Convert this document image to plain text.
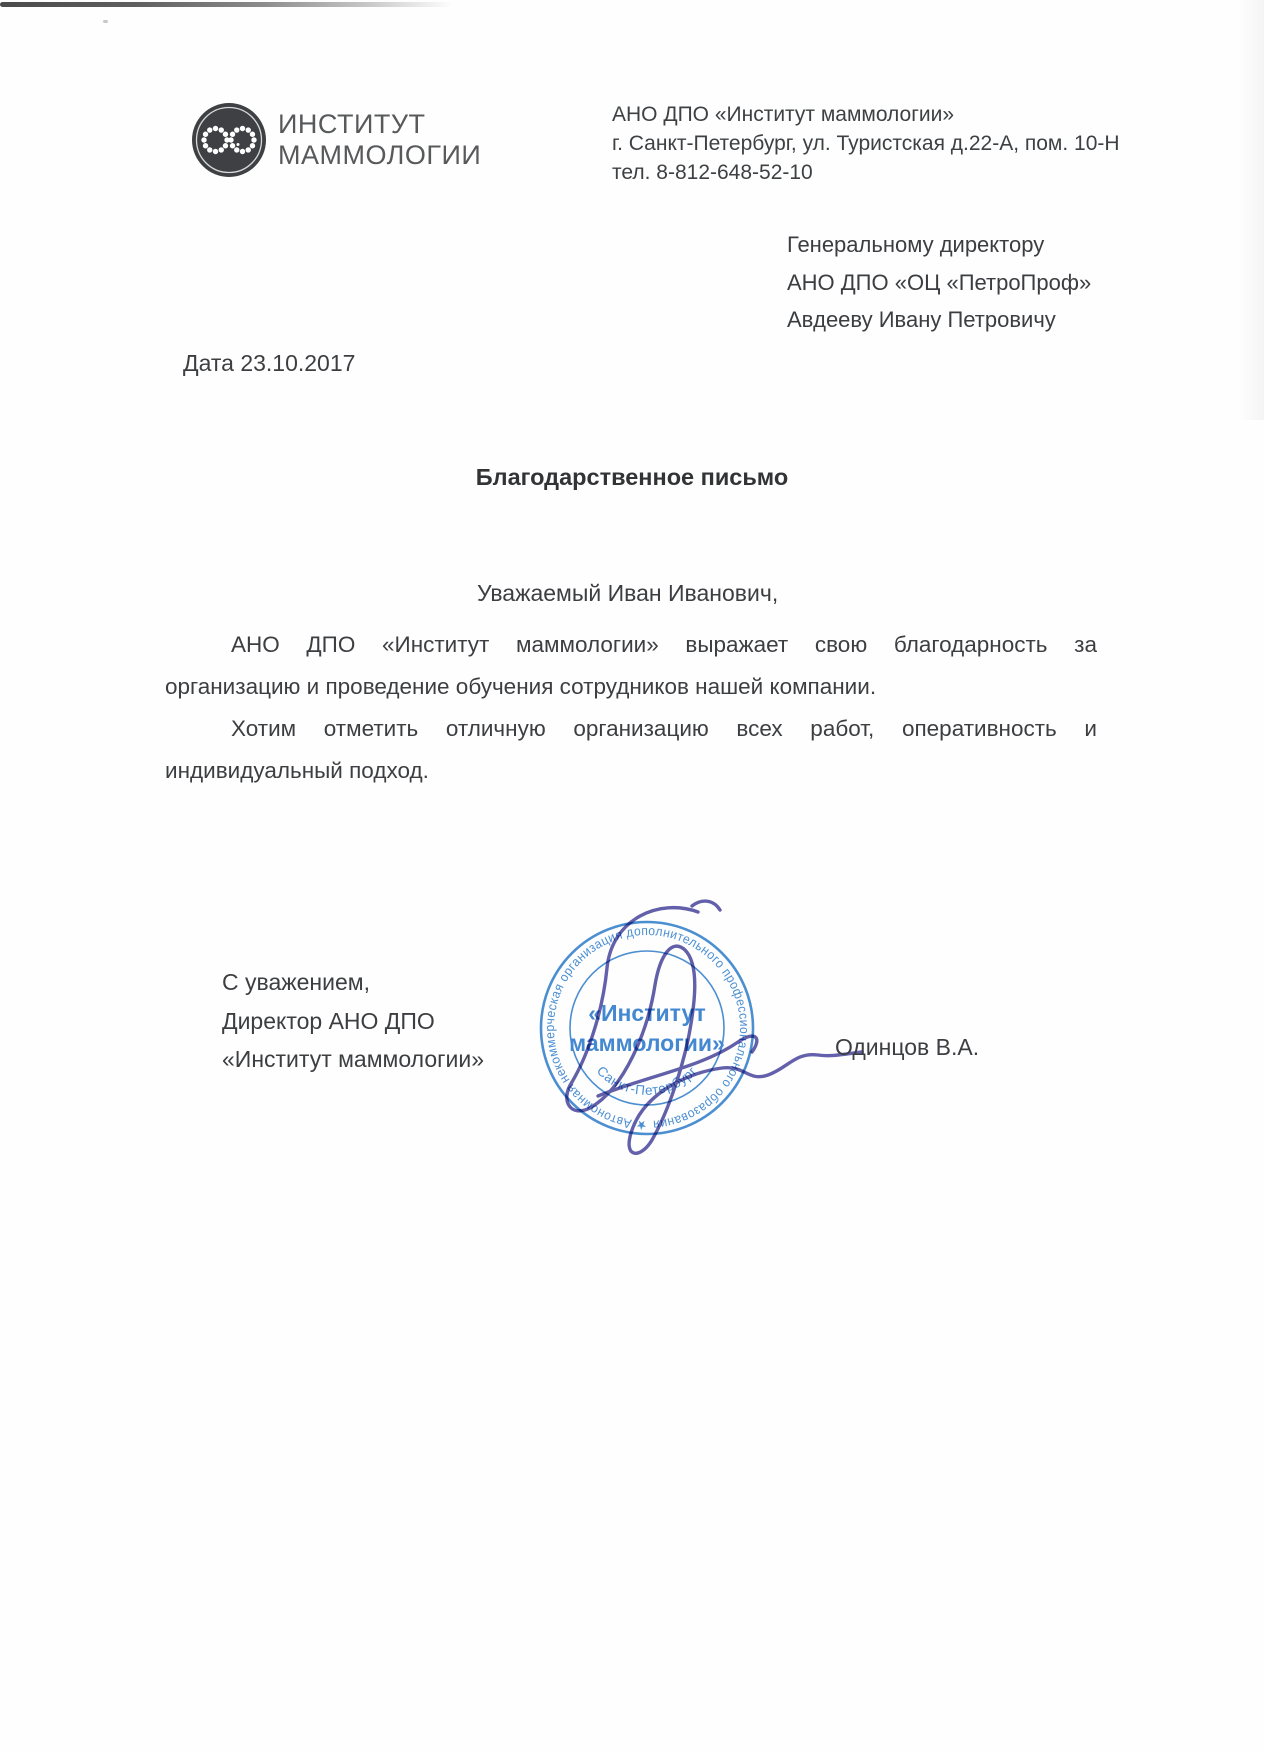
ИНСТИТУТ
МАММОЛОГИИ
АНО ДПО «Институт маммологии»
г. Санкт-Петербург, ул. Туристская д.22-А, пом. 10-Н
тел. 8-812-648-52-10
Генеральному директору
АНО ДПО «ОЦ «ПетроПроф»
Авдееву Ивану Петровичу
Дата 23.10.2017
Благодарственное письмо
Уважаемый Иван Иванович,
АНО ДПО «Институт маммологии» выражает свою благодарность за
организацию и проведение обучения сотрудников нашей компании.
Хотим отметить отличную организацию всех работ, оперативность и
индивидуальный подход.
С уважением,
Директор АНО ДПО
«Институт маммологии»
★ Автономная некоммерческая организация дополнительного профессионального образования
«Институт
маммологии»
Санкт-Петербург
Одинцов В.А.
